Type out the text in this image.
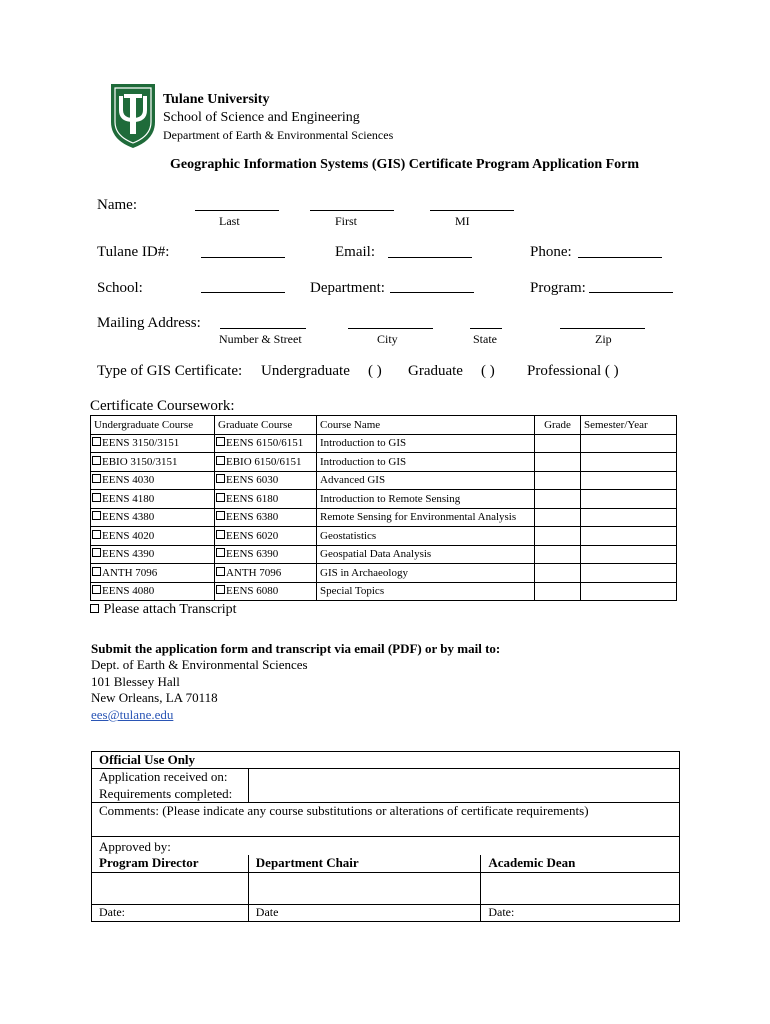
Tulane University
School of Science and Engineering
Department of Earth & Environmental Sciences
Geographic Information Systems (GIS) Certificate Program Application Form
Name:
Last	First	MI
Tulane ID#:	Email:	Phone:
School:	Department:	Program:
Mailing Address:
Number & Street	City	State	Zip
Type of GIS Certificate: Undergraduate ( ) Graduate ( ) Professional ( )
Certificate Coursework:
Undergraduate Course	Graduate Course	Course Name	Grade	Semester/Year
EENS 3150/3151	EENS 6150/6151	Introduction to GIS		
EBIO 3150/3151	EBIO 6150/6151	Introduction to GIS		
EENS 4030	EENS 6030	Advanced GIS		
EENS 4180	EENS 6180	Introduction to Remote Sensing		
EENS 4380	EENS 6380	Remote Sensing for Environmental Analysis		
EENS 4020	EENS 6020	Geostatistics		
EENS 4390	EENS 6390	Geospatial Data Analysis		
ANTH 7096	ANTH 7096	GIS in Archaeology		
EENS 4080	EENS 6080	Special Topics		
Please attach Transcript
Submit the application form and transcript via email (PDF) or by mail to:
Dept. of Earth & Environmental Sciences
101 Blessey Hall
New Orleans, LA 70118
ees@tulane.edu
Official Use Only		
Application received on:		
Requirements completed:		
Comments: (Please indicate any course substitutions or alterations of certificate requirements)		
Approved by:		
Program Director	Department Chair	Academic Dean

Date:	Date	Date:
